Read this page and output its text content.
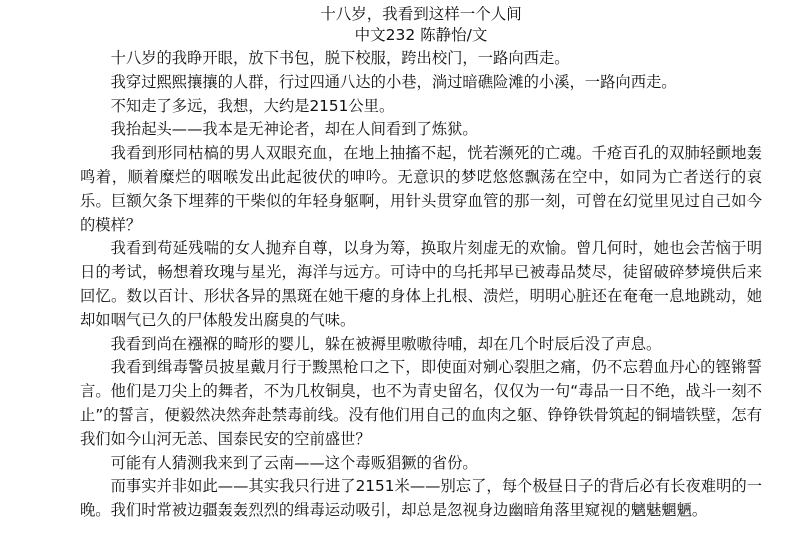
十八岁，我看到这样一个人间
中文232 陈静怡/文

十八岁的我睁开眼，放下书包，脱下校服，跨出校门，一路向西走。

我穿过熙熙攘攘的人群，行过四通八达的小巷，淌过暗礁险滩的小溪，一路向西走。

不知走了多远，我想，大约是2151公里。

我抬起头——我本是无神论者，却在人间看到了炼狱。

我看到形同枯槁的男人双眼充血，在地上抽搐不起，恍若濒死的亡魂。千疮百孔的双肺轻颤地轰鸣着，顺着糜烂的咽喉发出此起彼伏的呻吟。无意识的梦呓悠悠飘荡在空中，如同为亡者送行的哀乐。巨额欠条下埋葬的干柴似的年轻身躯啊，用针头贯穿血管的那一刻，可曾在幻觉里见过自己如今的模样？

我看到苟延残喘的女人抛弃自尊，以身为筹，换取片刻虚无的欢愉。曾几何时，她也会苦恼于明日的考试，畅想着玫瑰与星光，海洋与远方。可诗中的乌托邦早已被毒品焚尽，徒留破碎梦境供后来回忆。数以百计、形状各异的黑斑在她干瘪的身体上扎根、溃烂，明明心脏还在奄奄一息地跳动，她却如咽气已久的尸体般发出腐臭的气味。

我看到尚在襁褓的畸形的婴儿，躲在被褥里嗷嗷待哺，却在几个时辰后没了声息。

我看到缉毒警员披星戴月行于黢黑枪口之下，即使面对剜心裂胆之痛，仍不忘碧血丹心的铿锵誓言。他们是刀尖上的舞者，不为几枚铜臭，也不为青史留名，仅仅为一句“毒品一日不绝，战斗一刻不止”的誓言，便毅然决然奔赴禁毒前线。没有他们用自己的血肉之躯、铮铮铁骨筑起的铜墙铁壁，怎有我们如今山河无恙、国泰民安的空前盛世？

可能有人猜测我来到了云南——这个毒贩猖獗的省份。

而事实并非如此——其实我只行进了2151米——别忘了，每个极昼日子的背后必有长夜难明的一晚。我们时常被边疆轰轰烈烈的缉毒运动吸引，却总是忽视身边幽暗角落里窥视的魑魅魍魉。
